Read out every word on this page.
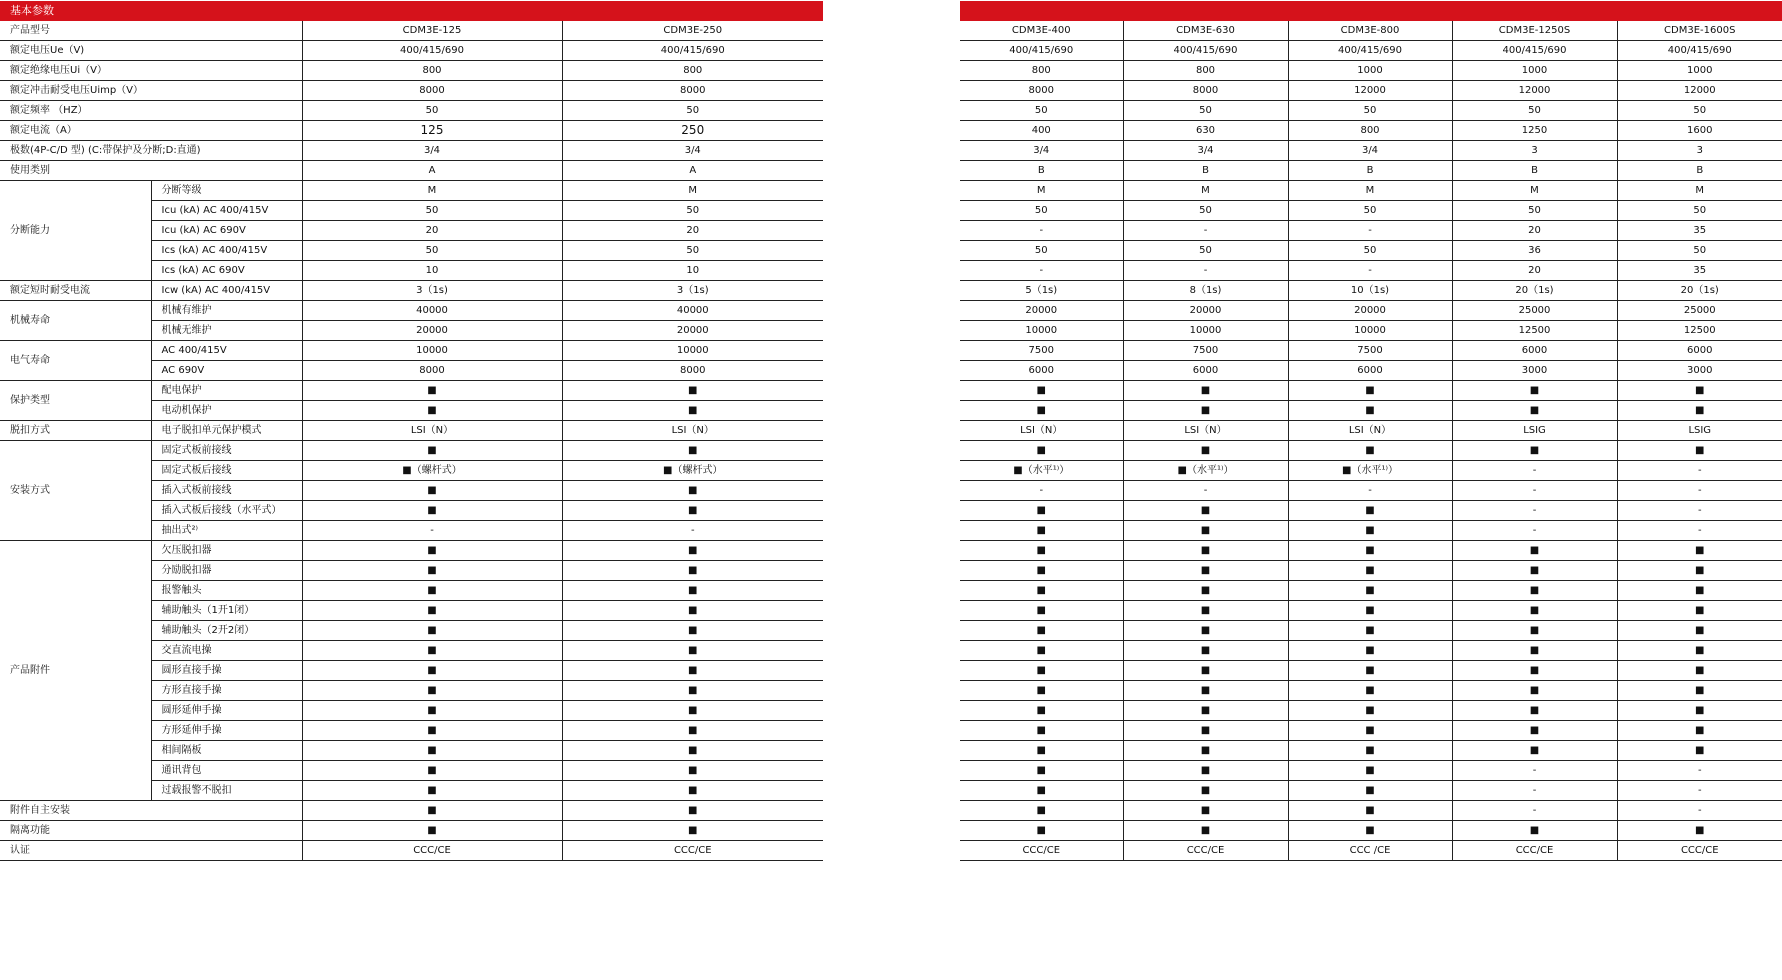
基本参数			
产品型号		CDM3E-125	CDM3E-250
额定电压Ue（V)		400/415/690	400/415/690
额定绝缘电压Ui（V）		800	800
额定冲击耐受电压Uimp（V）		8000	8000
额定频率 （HZ）		50	50
额定电流（A）		125	250
极数(4P-C/D 型) (C:带保护及分断;D:直通)		3/4	3/4
使用类别		A	A
分断能力	分断等级	M	M
	Icu (kA) AC 400/415V	50	50
	Icu (kA) AC 690V	20	20
	Ics (kA) AC 400/415V	50	50
	Ics (kA) AC 690V	10	10
额定短时耐受电流	Icw (kA) AC 400/415V	3（1s)	3（1s)
机械寿命	机械有维护	40000	40000
	机械无维护	20000	20000
电气寿命	AC 400/415V	10000	10000
	AC 690V	8000	8000
保护类型	配电保护	■	■
	电动机保护	■	■
脱扣方式	电子脱扣单元保护模式	LSI（N）	LSI（N）
安装方式	固定式板前接线	■	■
	固定式板后接线	■（螺杆式）	■（螺杆式）
	插入式板前接线	■	■
	插入式板后接线（水平式）	■	■
	抽出式²⁾	-	-
产品附件	欠压脱扣器	■	■
	分励脱扣器	■	■
	报警触头	■	■
	辅助触头（1开1闭）	■	■
	辅助触头（2开2闭）	■	■
	交直流电操	■	■
	圆形直接手操	■	■
	方形直接手操	■	■
	圆形延伸手操	■	■
	方形延伸手操	■	■
	相间隔板	■	■
	通讯背包	■	■
	过载报警不脱扣	■	■
附件自主安装		■	■
隔离功能		■	■
认证		CCC/CE	CCC/CE

CDM3E-400	CDM3E-630	CDM3E-800	CDM3E-1250S	CDM3E-1600S
400/415/690	400/415/690	400/415/690	400/415/690	400/415/690
800	800	1000	1000	1000
8000	8000	12000	12000	12000
50	50	50	50	50
400	630	800	1250	1600
3/4	3/4	3/4	3	3
B	B	B	B	B
M	M	M	M	M
50	50	50	50	50
-	-	-	20	35
50	50	50	36	50
-	-	-	20	35
5（1s)	8（1s)	10（1s)	20（1s)	20（1s)
20000	20000	20000	25000	25000
10000	10000	10000	12500	12500
7500	7500	7500	6000	6000
6000	6000	6000	3000	3000
■	■	■	■	■
■	■	■	■	■
LSI（N）	LSI（N）	LSI（N）	LSIG	LSIG
■	■	■	■	■
■（水平¹⁾）	■（水平¹⁾）	■（水平¹⁾）	-	-
-	-	-	-	-
■	■	■	-	-
■	■	■	-	-
■	■	■	■	■
■	■	■	■	■
■	■	■	■	■
■	■	■	■	■
■	■	■	■	■
■	■	■	■	■
■	■	■	■	■
■	■	■	■	■
■	■	■	■	■
■	■	■	■	■
■	■	■	■	■
■	■	■	-	-
■	■	■	-	-
■	■	■	-	-
■	■	■	■	■
CCC/CE	CCC/CE	CCC /CE	CCC/CE	CCC/CE
